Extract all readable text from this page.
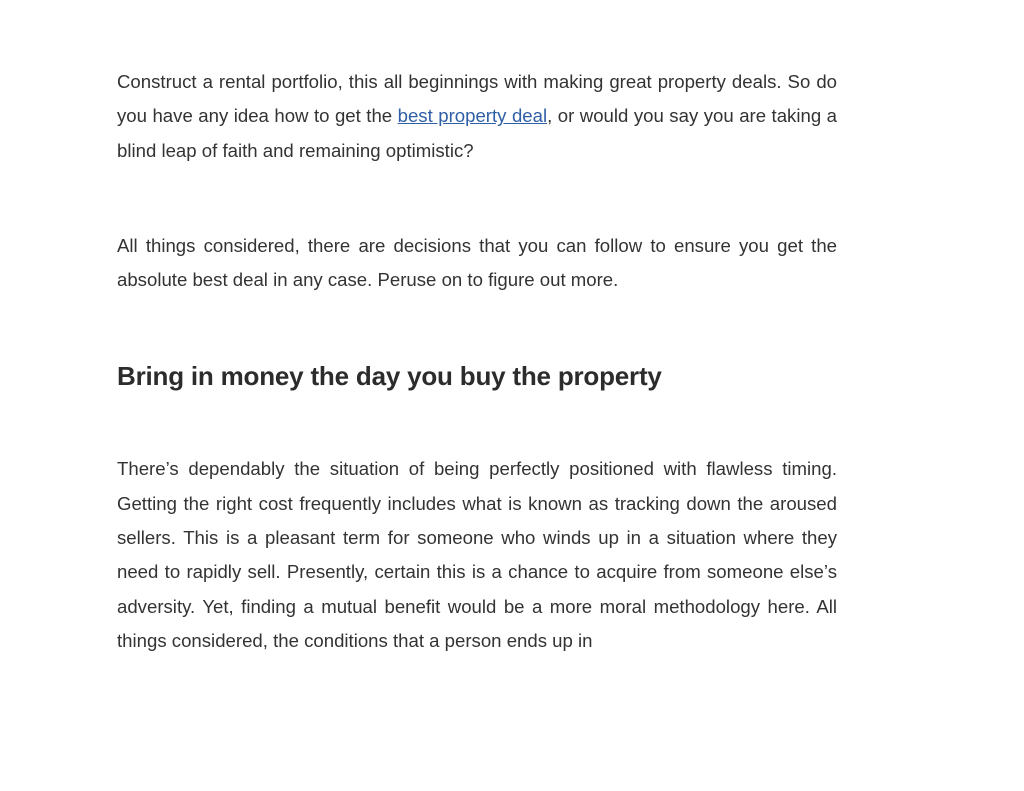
Construct a rental portfolio, this all beginnings with making great property deals. So do you have any idea how to get the best property deal, or would you say you are taking a blind leap of faith and remaining optimistic?

All things considered, there are decisions that you can follow to ensure you get the absolute best deal in any case. Peruse on to figure out more.

Bring in money the day you buy the property

There’s dependably the situation of being perfectly positioned with flawless timing. Getting the right cost frequently includes what is known as tracking down the aroused sellers. This is a pleasant term for someone who winds up in a situation where they need to rapidly sell. Presently, certain this is a chance to acquire from someone else’s adversity. Yet, finding a mutual benefit would be a more moral methodology here. All things considered, the conditions that a person ends up in
